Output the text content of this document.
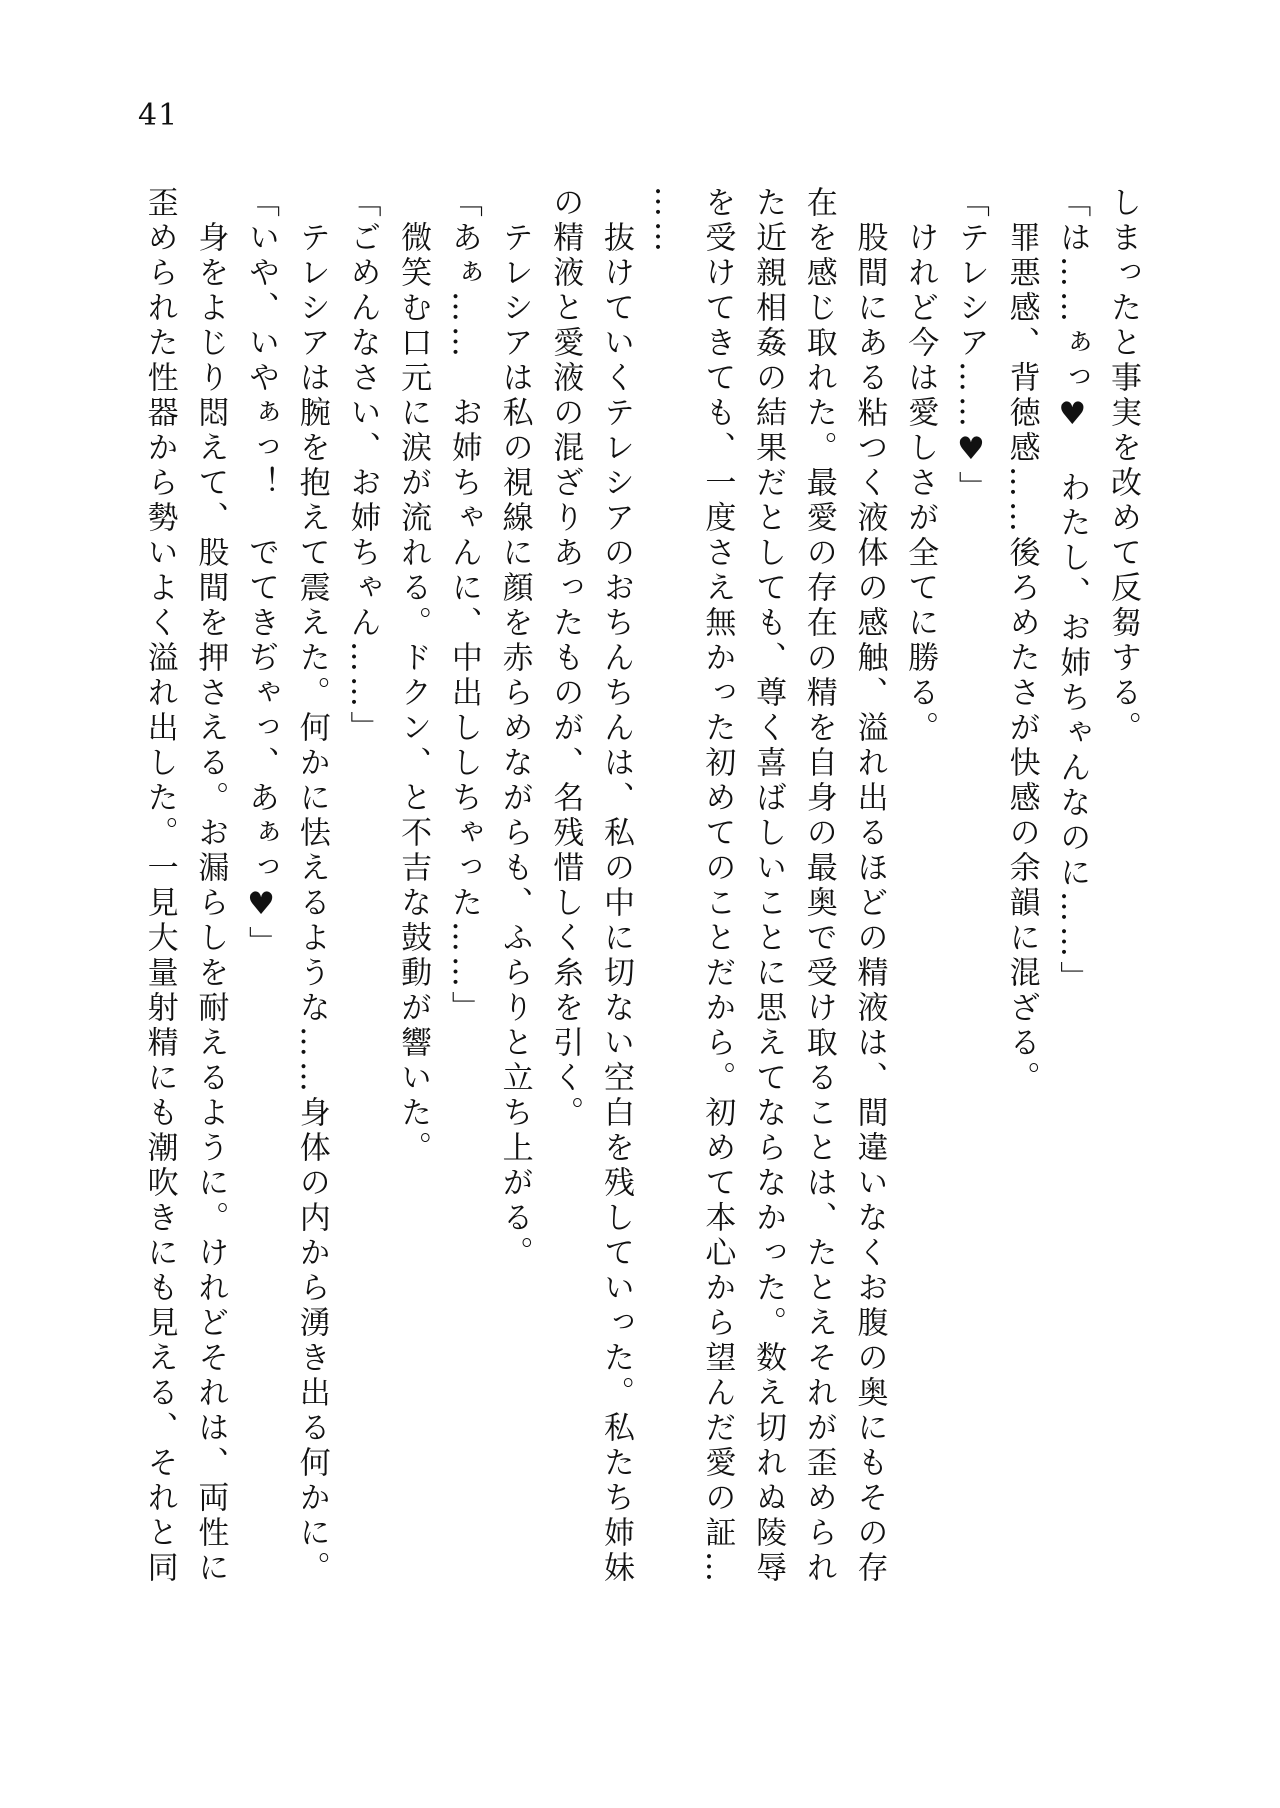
41
しまったと事実を改めて反芻する。
「は……ぁっ♥　わたし、お姉ちゃんなのに……」
　罪悪感、背徳感……後ろめたさが快感の余韻に混ざる。
「テレシア……♥」
　けれど今は愛しさが全てに勝る。
　股間にある粘つく液体の感触、溢れ出るほどの精液は、間違いなくお腹の奥にもその存
在を感じ取れた。最愛の存在の精を自身の最奥で受け取ることは、たとえそれが歪められ
た近親相姦の結果だとしても、尊く喜ばしいことに思えてならなかった。数え切れぬ陵辱
を受けてきても、一度さえ無かった初めてのことだから。初めて本心から望んだ愛の証…
……
　抜けていくテレシアのおちんちんは、私の中に切ない空白を残していった。私たち姉妹
の精液と愛液の混ざりあったものが、名残惜しく糸を引く。
　テレシアは私の視線に顔を赤らめながらも、ふらりと立ち上がる。
「あぁ……　お姉ちゃんに、中出ししちゃった……」
　微笑む口元に涙が流れる。ドクン、と不吉な鼓動が響いた。
「ごめんなさい、お姉ちゃん……」
　テレシアは腕を抱えて震えた。何かに怯えるような……身体の内から湧き出る何かに。
「いや、いやぁっ！　でてきぢゃっ、あぁっ♥」
　身をよじり悶えて、股間を押さえる。お漏らしを耐えるように。けれどそれは、両性に
歪められた性器から勢いよく溢れ出した。一見大量射精にも潮吹きにも見える、それと同
